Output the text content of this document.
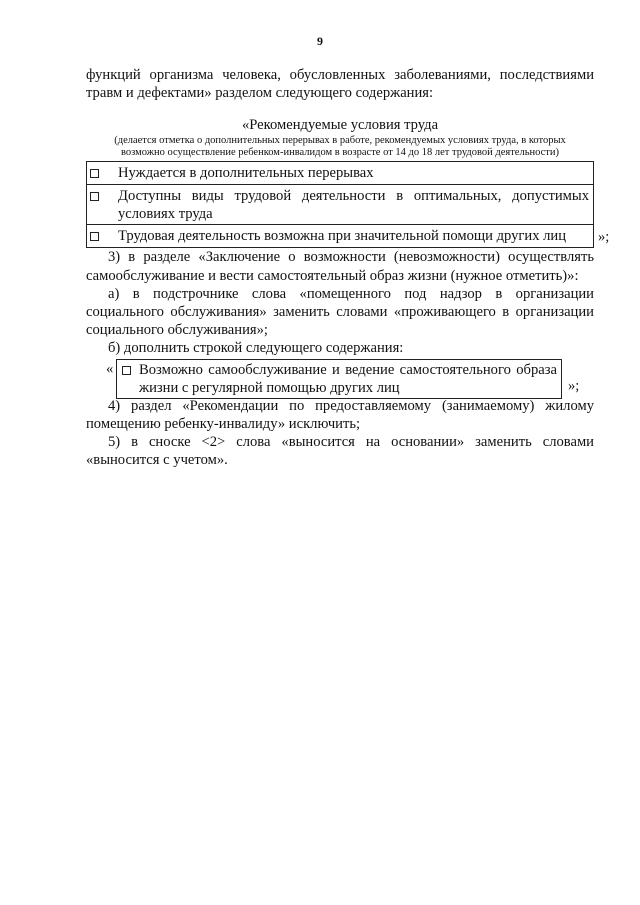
9

функций организма человека, обусловленных заболеваниями, последствиями травм и дефектами» разделом следующего содержания:

«Рекомендуемые условия труда
(делается отметка о дополнительных перерывах в работе, рекомендуемых условиях труда, в которых возможно осуществление ребенком-инвалидом в возрасте от 14 до 18 лет трудовой деятельности)
	Нуждается в дополнительных перерывах
	Доступны виды трудовой деятельности в оптимальных, допустимых условиях труда
	Трудовая деятельность возможна при значительной помощи других лиц »;

3) в разделе «Заключение о возможности (невозможности) осуществлять самообслуживание и вести самостоятельный образ жизни (нужное отметить)»:

а) в подстрочнике слова «помещенного под надзор в организации социального обслуживания» заменить словами «проживающего в организации социального обслуживания»;

б) дополнить строкой следующего содержания:

«	Возможно самообслуживание и ведение самостоятельного образа жизни с регулярной помощью других лиц	»;

4) раздел «Рекомендации по предоставляемому (занимаемому) жилому помещению ребенку-инвалиду» исключить;

5) в сноске <2> слова «выносится на основании» заменить словами «выносится с учетом».
